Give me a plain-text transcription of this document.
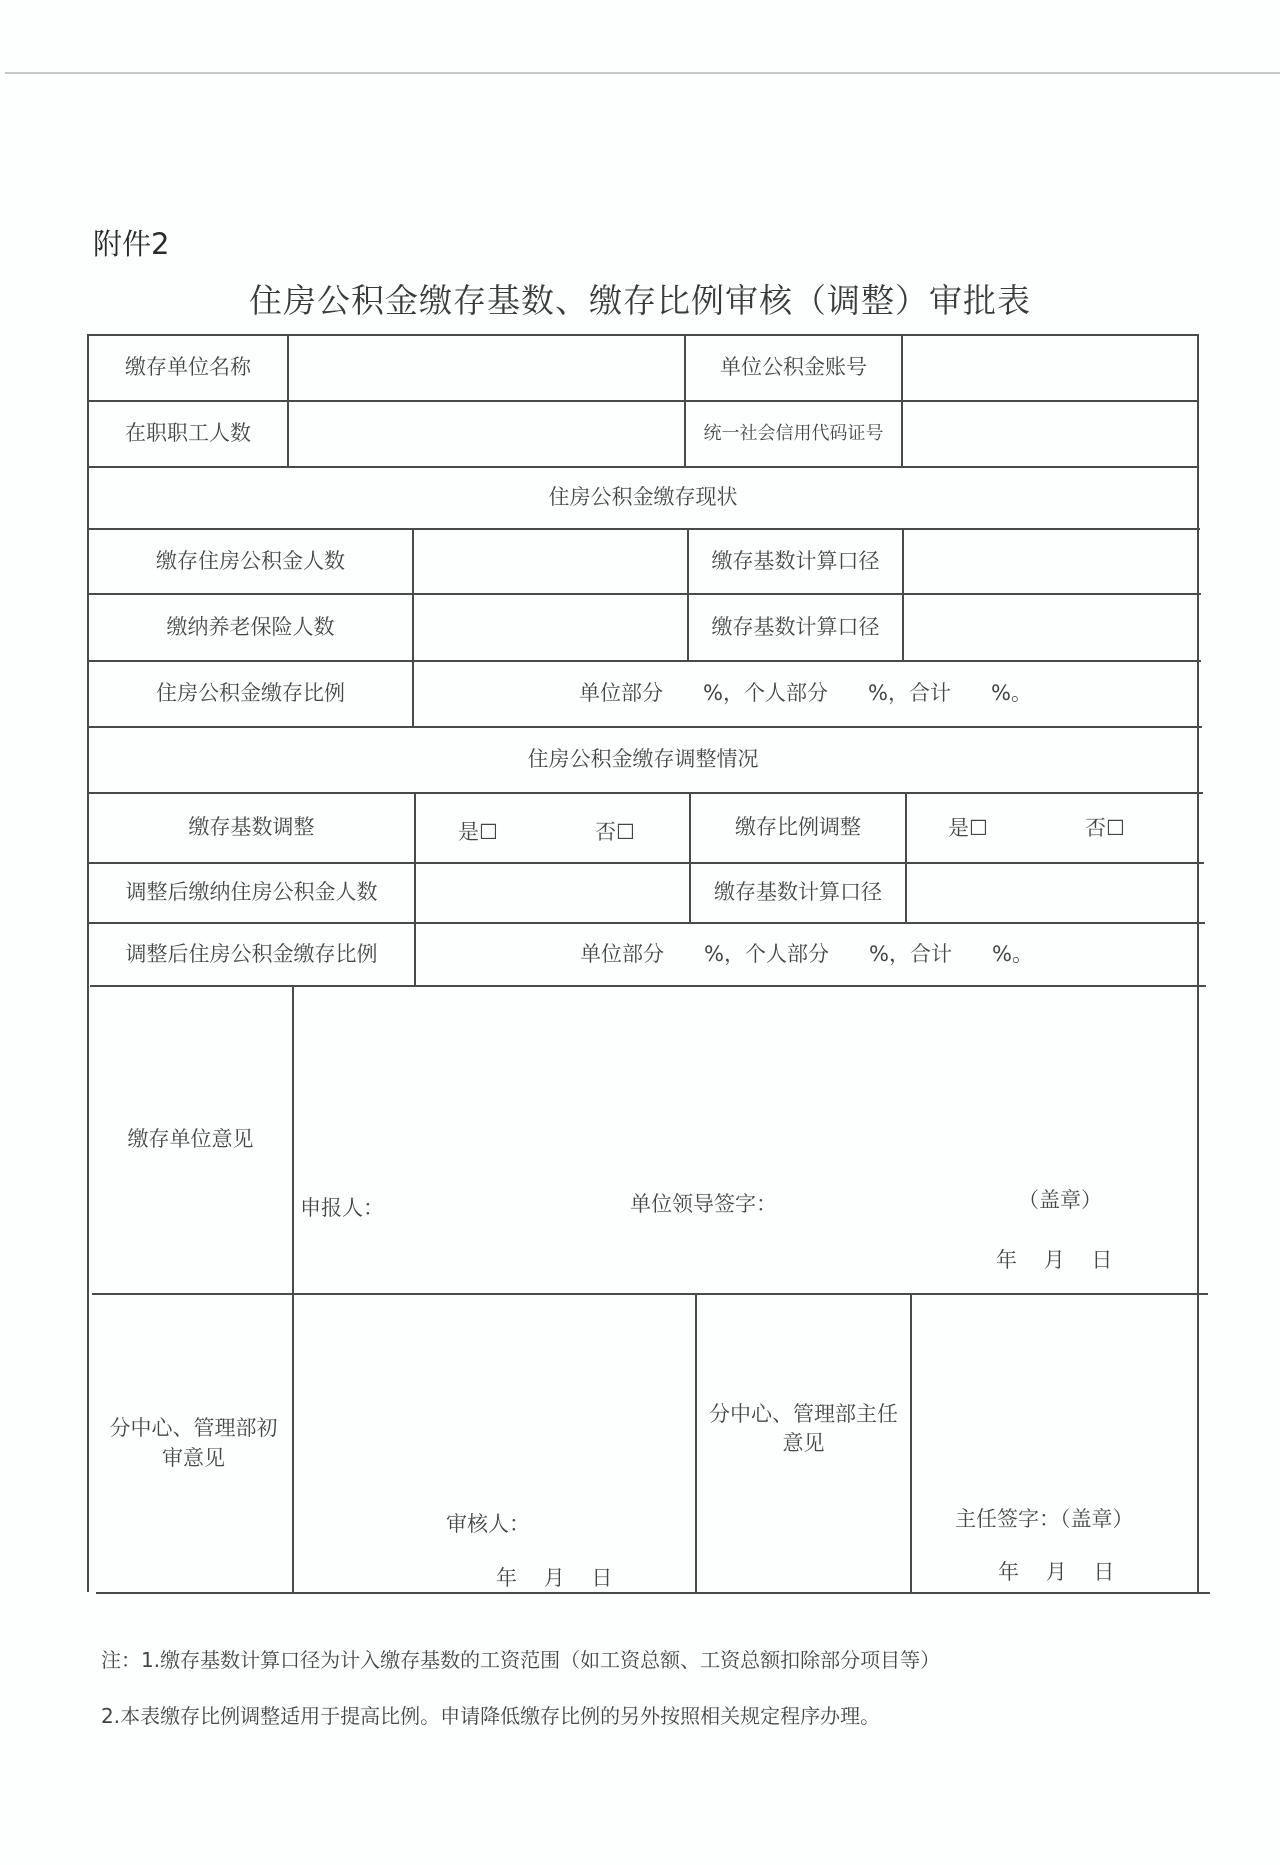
附件2
住房公积金缴存基数、缴存比例审核（调整）审批表
缴存单位名称	单位公积金账号
在职职工人数	统一社会信用代码证号
住房公积金缴存现状
缴存住房公积金人数	缴存基数计算口径
缴纳养老保险人数	缴存基数计算口径
住房公积金缴存比例	单位部分      %，个人部分      %，合计      %。
住房公积金缴存调整情况
缴存基数调整	是☐	否☐	缴存比例调整	是☐	否☐
调整后缴纳住房公积金人数	缴存基数计算口径
调整后住房公积金缴存比例	单位部分      %，个人部分      %，合计      %。
缴存单位意见
申报人：	单位领导签字：	（盖章）
年    月    日
分中心、管理部初审意见
审核人：
年    月    日
分中心、管理部主任意见
主任签字：（盖章）
年    月    日
注：1.缴存基数计算口径为计入缴存基数的工资范围（如工资总额、工资总额扣除部分项目等）
2.本表缴存比例调整适用于提高比例。申请降低缴存比例的另外按照相关规定程序办理。
